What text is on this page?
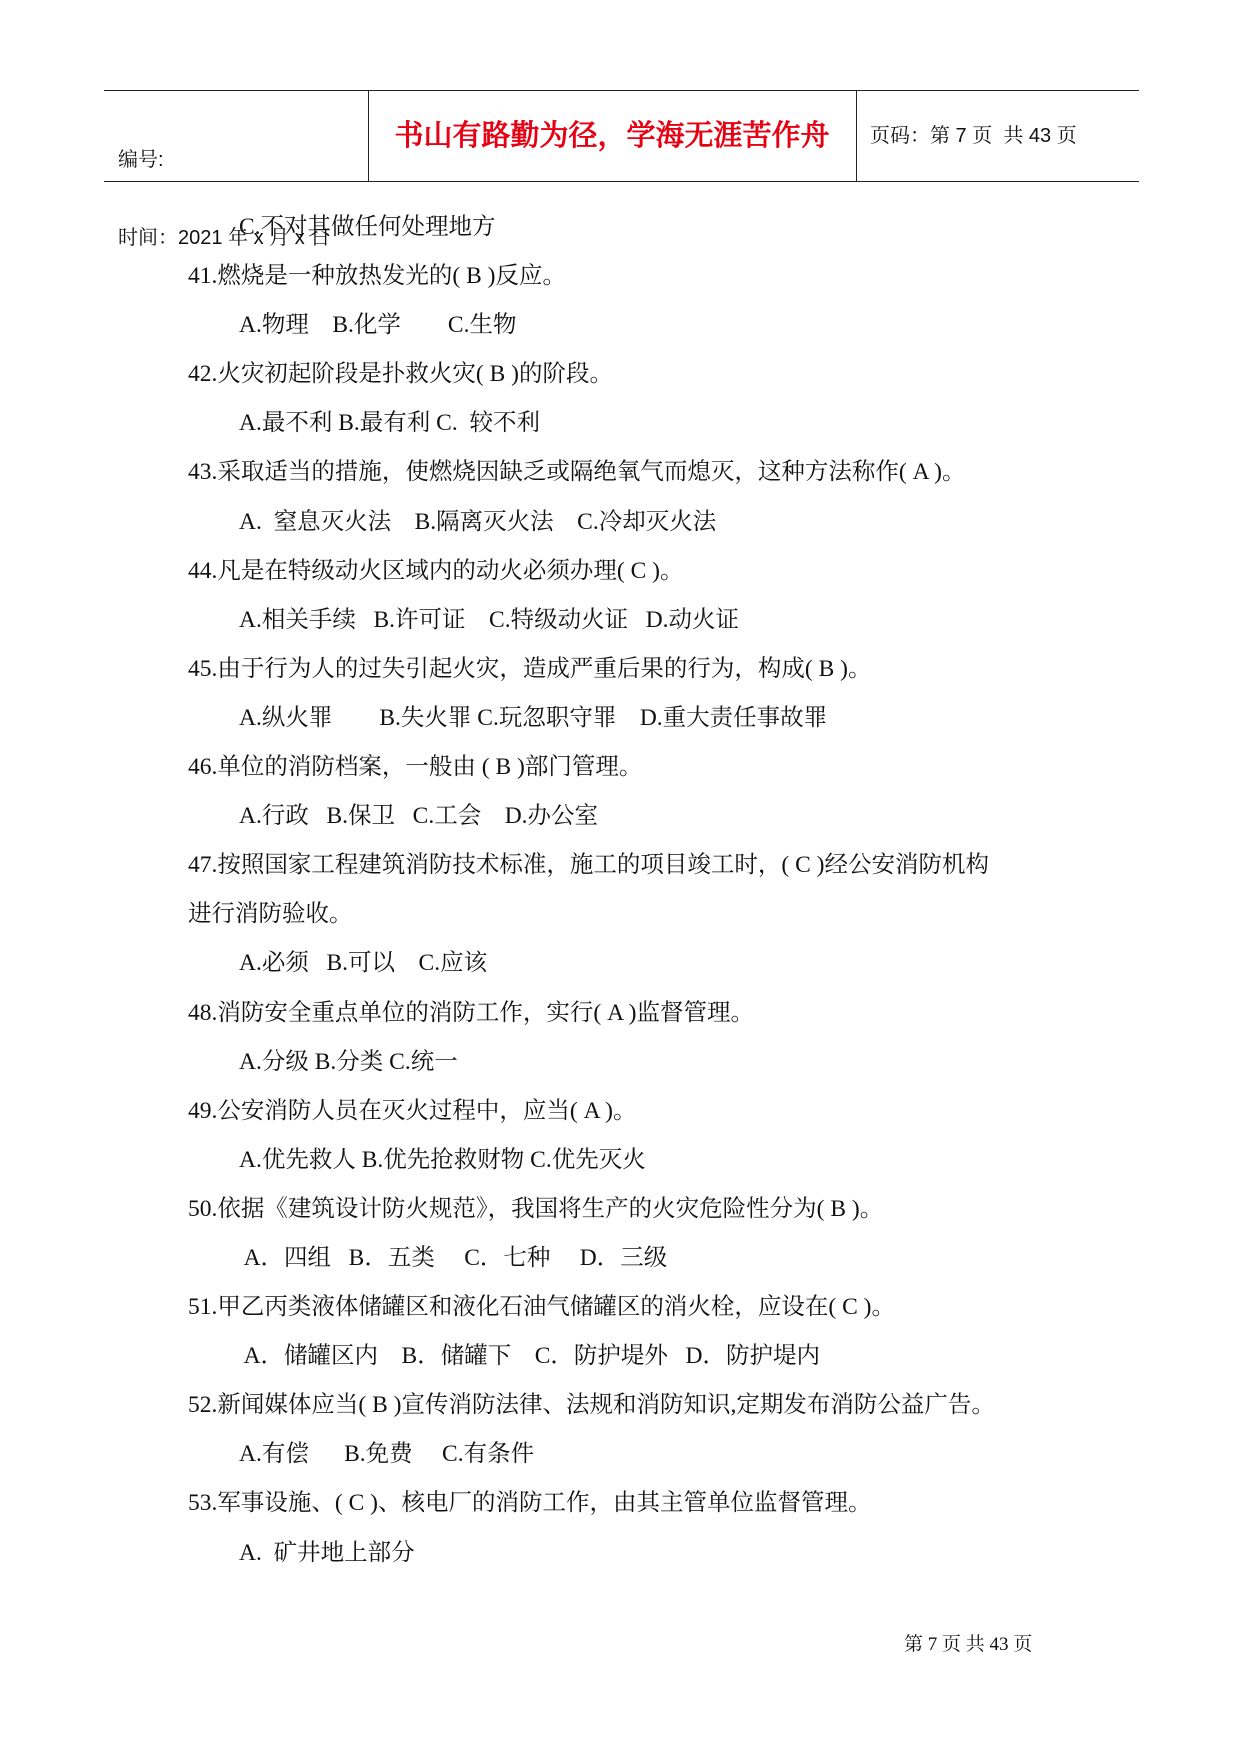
编号:

时间：2021 年 x 月 x 日

书山有路勤为径，学海无涯苦作舟	页码：第 7 页  共 43 页
C.不对其做任何处理地方
41.燃烧是一种放热发光的( B )反应。
A.物理    B.化学        C.生物
42.火灾初起阶段是扑救火灾( B )的阶段。
A.最不利 B.最有利 C.  较不利
43.采取适当的措施，使燃烧因缺乏或隔绝氧气而熄灭，这种方法称作( A )。
A.  窒息灭火法    B.隔离灭火法    C.冷却灭火法
44.凡是在特级动火区域内的动火必须办理( C )。
A.相关手续   B.许可证    C.特级动火证   D.动火证
45.由于行为人的过失引起火灾，造成严重后果的行为，构成( B )。
A.纵火罪        B.失火罪 C.玩忽职守罪    D.重大责任事故罪
46.单位的消防档案，一般由 ( B )部门管理。
A.行政   B.保卫   C.工会    D.办公室
47.按照国家工程建筑消防技术标准，施工的项目竣工时，( C )经公安消防机构
进行消防验收。
A.必须   B.可以    C.应该
48.消防安全重点单位的消防工作，实行( A )监督管理。
A.分级 B.分类 C.统一
49.公安消防人员在灭火过程中，应当( A )。
A.优先救人 B.优先抢救财物 C.优先灭火
50.依据《建筑设计防火规范》，我国将生产的火灾危险性分为( B )。
A．四组   B．五类     C．七种     D．三级
51.甲乙丙类液体储罐区和液化石油气储罐区的消火栓，应设在( C )。
A．储罐区内    B．储罐下    C．防护堤外   D．防护堤内
52.新闻媒体应当( B )宣传消防法律、法规和消防知识,定期发布消防公益广告。
A.有偿      B.免费     C.有条件
53.军事设施、( C )、核电厂的消防工作，由其主管单位监督管理。
A.  矿井地上部分
第 7 页 共 43 页
